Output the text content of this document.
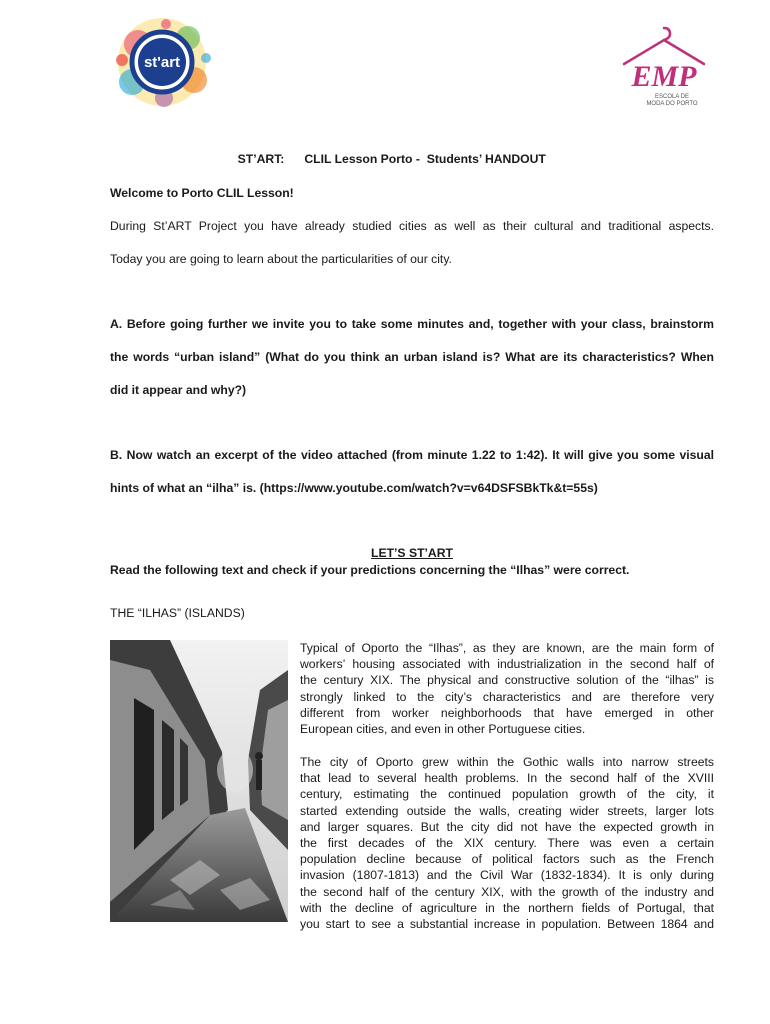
st'art	EMP
ESCOLA DE
MODA DO PORTO

ST’ART: CLIL Lesson Porto -  Students’ HANDOUT

Welcome to Porto CLIL Lesson!
During St’ART Project you have already studied cities as well as their cultural and traditional aspects.
Today you are going to learn about the particularities of our city.
A. Before going further we invite you to take some minutes and, together with your class, brainstorm
the words “urban island” (What do you think an urban island is? What are its characteristics? When
did it appear and why?)
B. Now watch an excerpt of the video attached (from minute 1.22 to 1:42). It will give you some visual
hints of what an “ilha” is. (https://www.youtube.com/watch?v=v64DSFSBkTk&t=55s)
LET’S ST’ART
Read the following text and check if your predictions concerning the “Ilhas” were correct.
THE “ILHAS” (ISLANDS)
Typical of Oporto the “Ilhas”, as they are known, are the main form of
workers’ housing associated with industrialization in the second half of
the century XIX. The physical and constructive solution of the “ilhas” is
strongly linked to the city’s characteristics and are therefore very
different from worker neighborhoods that have emerged in other
European cities, and even in other Portuguese cities.
The city of Oporto grew within the Gothic walls into narrow streets
that lead to several health problems. In the second half of the XVIII
century, estimating the continued population growth of the city, it
started extending outside the walls, creating wider streets, larger lots
and larger squares. But the city did not have the expected growth in
the first decades of the XIX century. There was even a certain
population decline because of political factors such as the French
invasion (1807-1813) and the Civil War (1832-1834). It is only during
the second half of the century XIX, with the growth of the industry and
with the decline of agriculture in the northern fields of Portugal, that
you start to see a substantial increase in population. Between 1864 and
